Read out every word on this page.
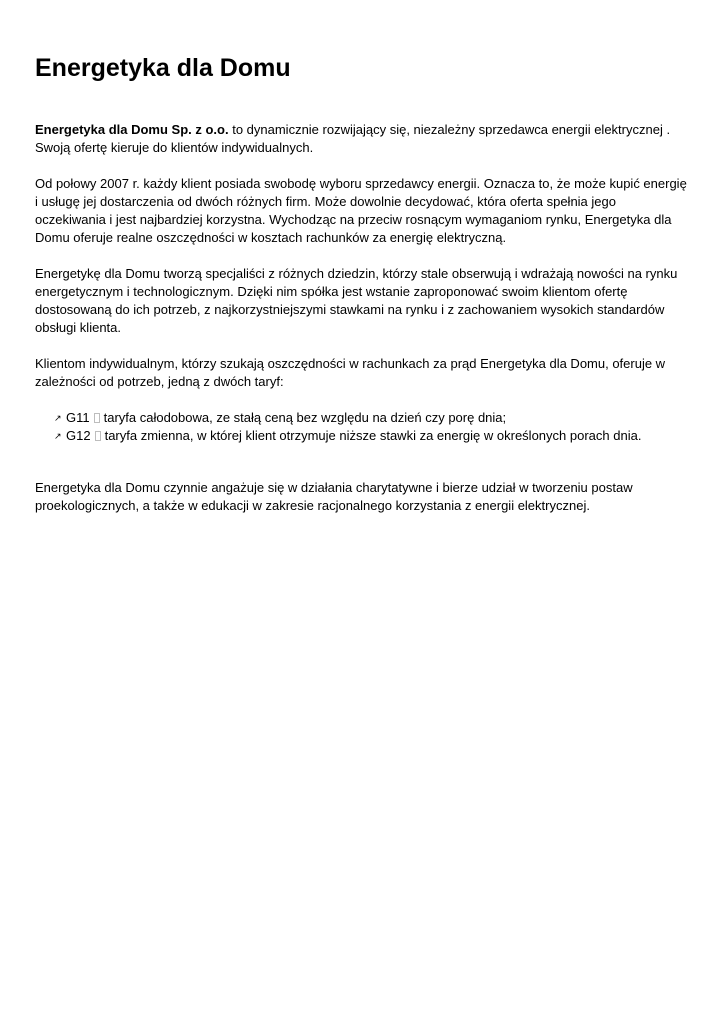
Energetyka dla Domu

Energetyka dla Domu Sp. z o.o. to dynamicznie rozwijający się, niezależny sprzedawca energii elektrycznej . Swoją ofertę kieruje do klientów indywidualnych.

Od połowy 2007 r. każdy klient posiada swobodę wyboru sprzedawcy energii. Oznacza to, że może kupić energię i usługę jej dostarczenia od dwóch różnych firm. Może dowolnie decydować, która oferta spełnia jego oczekiwania i jest najbardziej korzystna. Wychodząc na przeciw rosnącym wymaganiom rynku, Energetyka dla Domu oferuje realne oszczędności w kosztach rachunków za energię elektryczną.

Energetykę dla Domu tworzą specjaliści z różnych dziedzin, którzy stale obserwują i wdrażają nowości na rynku energetycznym i technologicznym. Dzięki nim spółka jest wstanie zaproponować swoim klientom ofertę dostosowaną do ich potrzeb, z najkorzystniejszymi stawkami na rynku i z zachowaniem wysokich standardów obsługi klienta.

Klientom indywidualnym, którzy szukają oszczędności w rachunkach za prąd Energetyka dla Domu, oferuje w zależności od potrzeb, jedną z dwóch taryf:

↗ G11 taryfa całodobowa, ze stałą ceną bez względu na dzień czy porę dnia;
↗ G12 taryfa zmienna, w której klient otrzymuje niższe stawki za energię w określonych porach dnia.

Energetyka dla Domu czynnie angażuje się w działania charytatywne i bierze udział w tworzeniu postaw proekologicznych, a także w edukacji w zakresie racjonalnego korzystania z energii elektrycznej.
